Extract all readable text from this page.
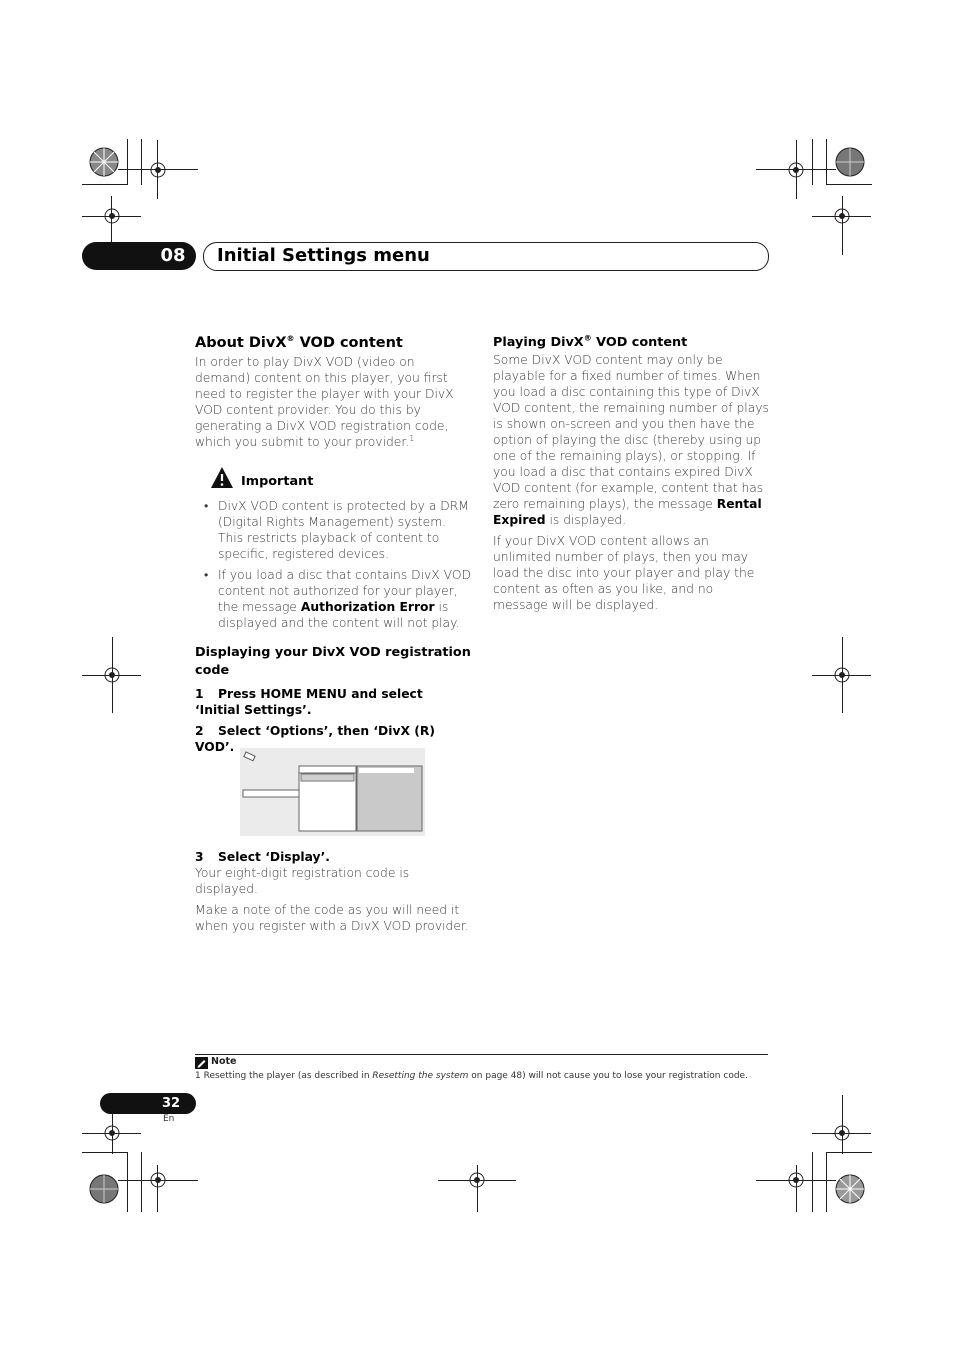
08	Initial Settings menu
About DivX® VOD content

In order to play DivX VOD (video on demand) content on this player, you first need to register the player with your DivX VOD content provider. You do this by generating a DivX VOD registration code, which you submit to your provider.$^1$

Important
• DivX VOD content is protected by a DRM (Digital Rights Management) system. This restricts playback of content to specific, registered devices.
• If you load a disc that contains DivX VOD content not authorized for your player, the message Authorization Error is displayed and the content will not play.
Displaying your DivX VOD registration code
1 Press HOME MENU and select ‘Initial Settings’.
2 Select ‘Options’, then ‘DivX (R) VOD’.
3 Select ‘Display’.

Your eight-digit registration code is displayed.

Make a note of the code as you will need it when you register with a DivX VOD provider.

Playing DivX® VOD content

Some DivX VOD content may only be playable for a fixed number of times. When you load a disc containing this type of DivX VOD content, the remaining number of plays is shown on-screen and you then have the option of playing the disc (thereby using up one of the remaining plays), or stopping. If you load a disc that contains expired DivX VOD content (for example, content that has zero remaining plays), the message Rental Expired is displayed.

If your DivX VOD content allows an unlimited number of plays, then you may load the disc into your player and play the content as often as you like, and no message will be displayed.

Note
1 Resetting the player (as described in Resetting the system on page 48) will not cause you to lose your registration code.
32
En
